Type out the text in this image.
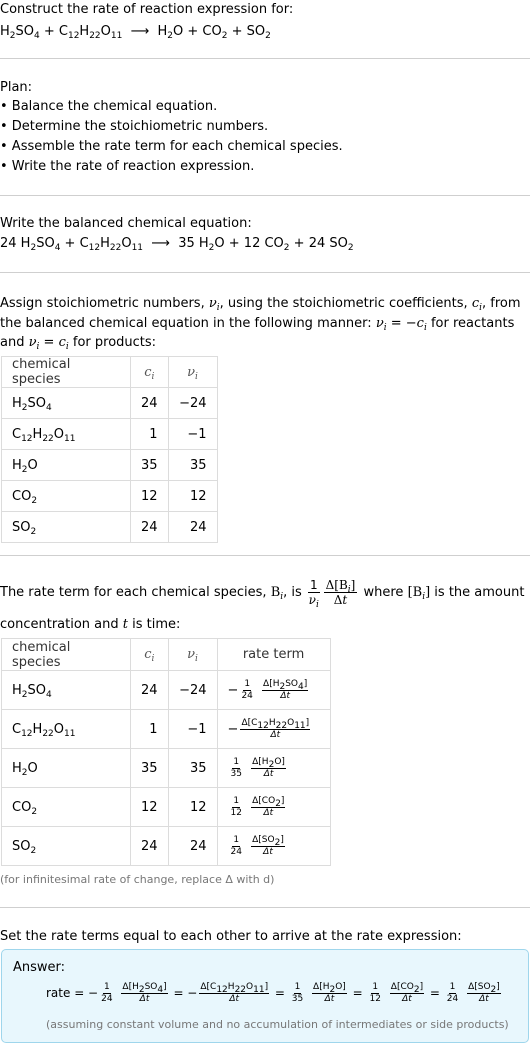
Construct the rate of reaction expression for:
$H_2SO_4 + C_{12}H_{22}O_{11}$  ⟶  $H_2O + CO_2 + SO_2$
Plan:
• Balance the chemical equation.
• Determine the stoichiometric numbers.
• Assemble the rate term for each chemical species.
• Write the rate of reaction expression.
Write the balanced chemical equation:
24 $H_2SO_4 + C_{12}H_{22}O_{11}$  ⟶  35 $H_2O + 12$ $CO_2 + 24$ $SO_2$
Assign stoichiometric numbers, $\nu_i$, using the stoichiometric coefficients, $c_i$, from
the balanced chemical equation in the following manner: $\nu_i = -c_i$ for reactants
and $\nu_i = c_i$ for products:
chemical species	$c_i$	$\nu_i$
$H_2SO_4$	24	−24
$C_{12}H_{22}O_{11}$	1	−1
$H_2O$	35	35
$CO_2$	12	12
$SO_2$	24	24
The rate term for each chemical species, $B_i$, is $\frac{1}{\nu_i} \frac{\Delta[B_i]}{\Delta t}$ where $[B_i]$ is the amount
concentration and t is time:
chemical species	$c_i$	$\nu_i$	rate term
$H_2SO_4$	24	−24	− $\frac{1}{24}$
$\frac{\Delta[H_2SO_4]}{\Delta t}$

$C_{12}H_{22}O_{11}$	1	−1	− $\frac{\Delta[C_{12}H_{22}O_{11}]}{\Delta t}$

$H_2O$	35	35	$\frac{1}{35}$
$\frac{\Delta[H_2O]}{\Delta t}$

$CO_2$	12	12	$\frac{1}{12}$
$\frac{\Delta[CO_2]}{\Delta t}$

$SO_2$	24	24	$\frac{1}{24}$
$\frac{\Delta[SO_2]}{\Delta t}$
(for infinitesimal rate of change, replace Δ with d)
Set the rate terms equal to each other to arrive at the rate expression:
Answer:
rate = − $\frac{1}{24}$
$\frac{\Delta[H_2SO_4]}{\Delta t}$ = − $\frac{\Delta[C_{12}H_{22}O_{11}]}{\Delta t} = \frac{1}{35}$
$\frac{\Delta[H_2O]}{\Delta t} = \frac{1}{12}$
$\frac{\Delta[CO_2]}{\Delta t} = \frac{1}{24}$
$\frac{\Delta[SO_2]}{\Delta t}$
(assuming constant volume and no accumulation of intermediates or side products)
